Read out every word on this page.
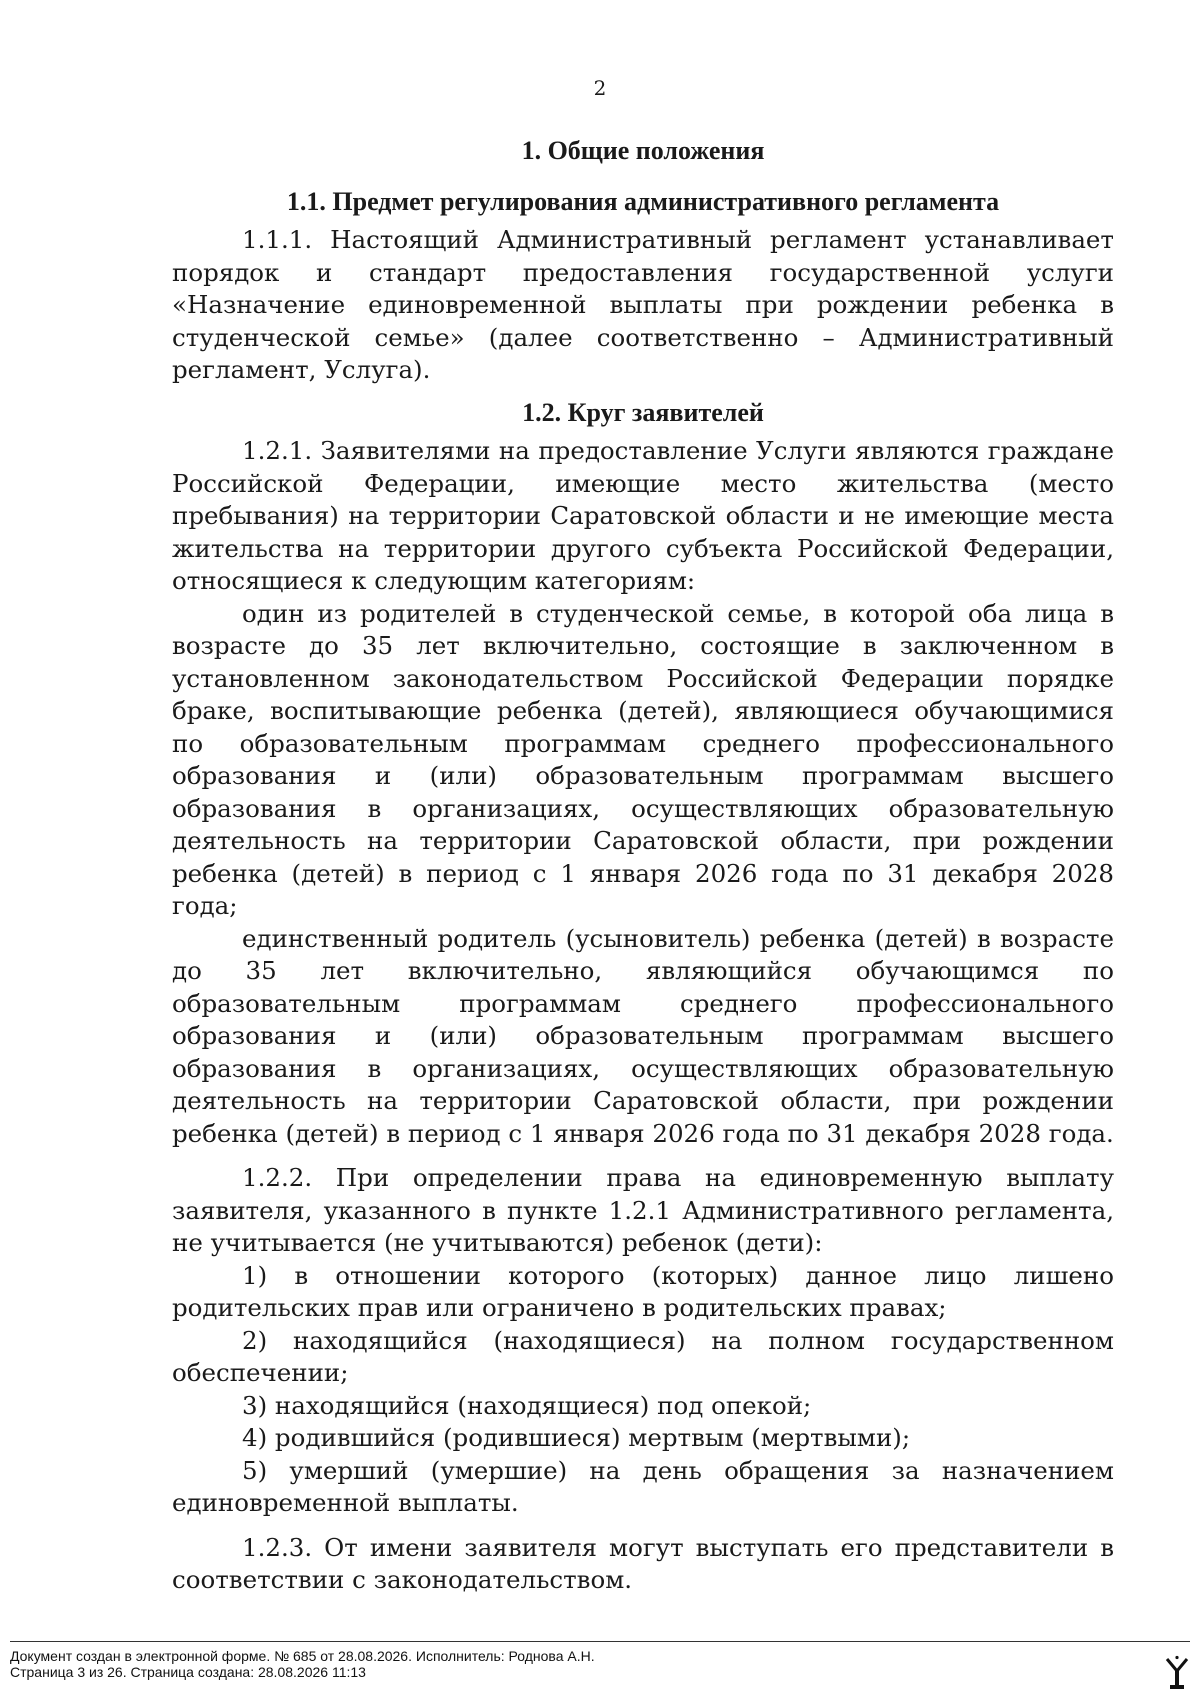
2
1. Общие положения
1.1. Предмет регулирования административного регламента

1.1.1. Настоящий Административный регламент устанавливает порядок и стандарт предоставления государственной услуги «Назначение единовременной выплаты при рождении ребенка в студенческой семье» (далее соответственно – Административный регламент, Услуга).

1.2. Круг заявителей

1.2.1. Заявителями на предоставление Услуги являются граждане Российской Федерации, имеющие место жительства (место пребывания) на территории Саратовской области и не имеющие места жительства на территории другого субъекта Российской Федерации, относящиеся к следующим категориям:

один из родителей в студенческой семье, в которой оба лица в возрасте до 35 лет включительно, состоящие в заключенном в установленном законодательством Российской Федерации порядке браке, воспитывающие ребенка (детей), являющиеся обучающимися по образовательным программам среднего профессионального образования и (или) образовательным программам высшего образования в организациях, осуществляющих образовательную деятельность на территории Саратовской области, при рождении ребенка (детей) в период с 1 января 2026 года по 31 декабря 2028 года;

единственный родитель (усыновитель) ребенка (детей) в возрасте до 35 лет включительно, являющийся обучающимся по образовательным программам среднего профессионального образования и (или) образовательным программам высшего образования в организациях, осуществляющих образовательную деятельность на территории Саратовской области, при рождении ребенка (детей) в период с 1 января 2026 года по 31 декабря 2028 года.

1.2.2. При определении права на единовременную выплату заявителя, указанного в пункте 1.2.1 Административного регламента, не учитывается (не учитываются) ребенок (дети):

1) в отношении которого (которых) данное лицо лишено родительских прав или ограничено в родительских правах;

2) находящийся (находящиеся) на полном государственном обеспечении;

3) находящийся (находящиеся) под опекой;

4) родившийся (родившиеся) мертвым (мертвыми);

5) умерший (умершие) на день обращения за назначением единовременной выплаты.

1.2.3. От имени заявителя могут выступать его представители в соответствии с законодательством.

Документ создан в электронной форме. № 685 от 28.08.2026. Исполнитель: Роднова А.Н.
Страница 3 из 26. Страница создана: 28.08.2026 11:13
